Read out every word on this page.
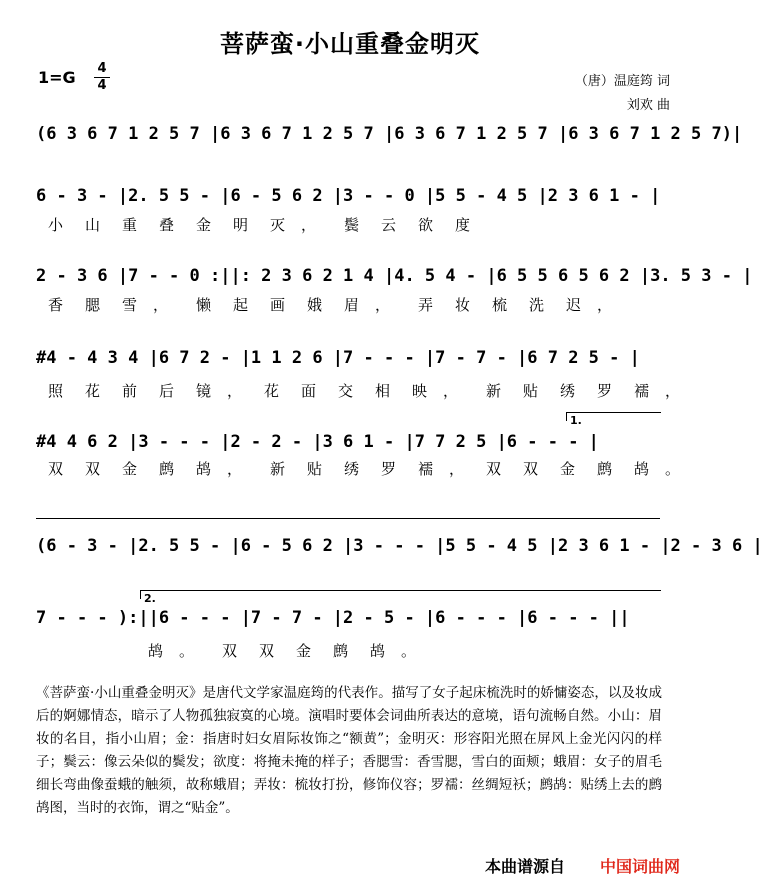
菩萨蛮·小山重叠金明灭
1=G 4
4	（唐）温庭筠 词
刘欢 曲
(6 3 6 7 1 2 5 7 |6 3 6 7 1 2 5 7 |6 3 6 7 1 2 5 7 |6 3 6 7 1 2 5 7)|
6 - 3 - |2. 5 5 - |6 - 5 6 2 |3 - - 0 |5 5 - 4 5 |2 3 6 1 - |
小 山 重 叠 金 明 灭 ， 鬓 云 欲 度
2 - 3 6 |7 - - 0 :||: 2 3 6 2 1 4 |4. 5 4 - |6 5 5 6 5 6 2 |3. 5 3 - |
香 腮 雪 ， 懒 起 画 娥 眉 ， 弄 妆 梳 洗 迟 ，
#4 - 4 3 4 |6 7 2 - |1 1 2 6 |7 - - - |7 - 7 - |6 7 2 5 - |
照 花 前 后 镜 ， 花 面 交 相 映 ， 新 贴 绣 罗 襦 ，
1.
#4 4 6 2 |3 - - - |2 - 2 - |3 6 1 - |7 7 2 5 |6 - - - |
双 双 金 鹧 鸪 ， 新 贴 绣 罗 襦 ， 双 双 金 鹧 鸪 。
(6 - 3 - |2. 5 5 - |6 - 5 6 2 |3 - - - |5 5 - 4 5 |2 3 6 1 - |2 - 3 6 |
2.
7 - - - ):||6 - - - |7 - 7 - |2 - 5 - |6 - - - |6 - - - ||
鸪 。 双 双 金 鹧 鸪 。
《菩萨蛮·小山重叠金明灭》是唐代文学家温庭筠的代表作。描写了女子起床梳洗时的娇慵姿态，以及妆成后的婀娜情态，暗示了人物孤独寂寞的心境。演唱时要体会词曲所表达的意境，语句流畅自然。小山：眉妆的名目，指小山眉；金：指唐时妇女眉际妆饰之“额黄”；金明灭：形容阳光照在屏风上金光闪闪的样子；鬓云：像云朵似的鬓发；欲度：将掩未掩的样子；香腮雪：香雪腮，雪白的面颊；蛾眉：女子的眉毛细长弯曲像蚕蛾的触须，故称蛾眉；弄妆：梳妆打扮，修饰仪容；罗襦：丝绸短袄；鹧鸪：贴绣上去的鹧鸪图，当时的衣饰，谓之“贴金”。
本曲谱源自 中国词曲网
